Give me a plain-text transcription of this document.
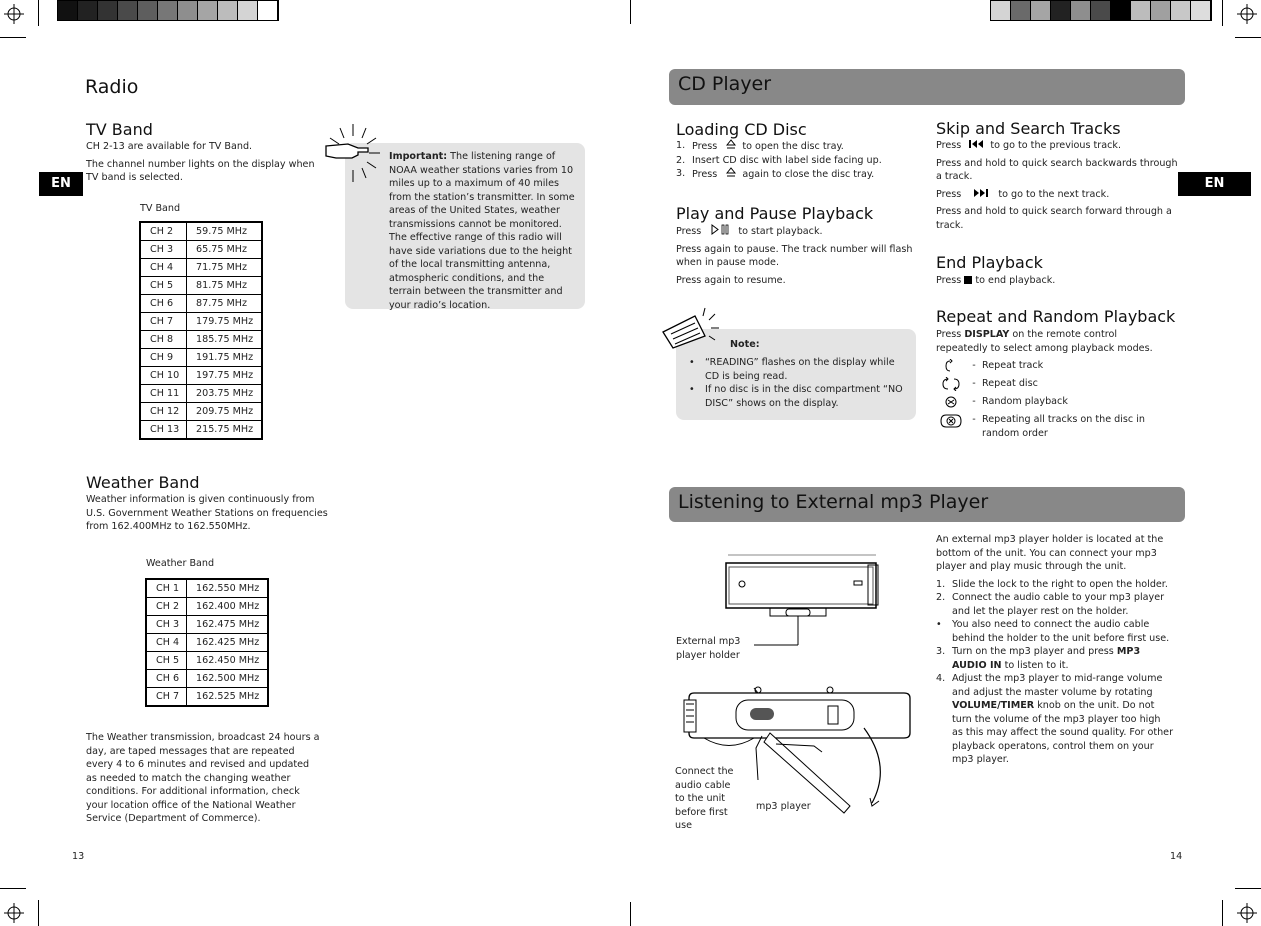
EN	EN
Radio
TV Band
CH 2-13 are available for TV Band.
The channel number lights on the display when TV band is selected.
TV Band
CH 2	59.75 MHz
CH 3	65.75 MHz
CH 4	71.75 MHz
CH 5	81.75 MHz
CH 6	87.75 MHz
CH 7	179.75 MHz
CH 8	185.75 MHz
CH 9	191.75 MHz
CH 10	197.75 MHz
CH 11	203.75 MHz
CH 12	209.75 MHz
CH 13	215.75 MHz
Important: The listening range of NOAA weather stations varies from 10 miles up to a maximum of 40 miles from the station’s transmitter. In some areas of the United States, weather transmissions cannot be monitored. The effective range of this radio will have side variations due to the height of the local transmitting antenna, atmospheric conditions, and the terrain between the transmitter and your radio’s location.
Weather Band
Weather information is given continuously from U.S. Government Weather Stations on frequencies from 162.400MHz to 162.550MHz.
Weather Band
CH 1	162.550 MHz
CH 2	162.400 MHz
CH 3	162.475 MHz
CH 4	162.425 MHz
CH 5	162.450 MHz
CH 6	162.500 MHz
CH 7	162.525 MHz
The Weather transmission, broadcast 24 hours a day, are taped messages that are repeated every 4 to 6 minutes and revised and updated as needed to match the changing weather conditions. For additional information, check your location office of the National Weather Service (Department of Commerce).
13
CD Player
Loading CD Disc
1. Press	to open the disc tray.
2. Insert CD disc with label side facing up.
3. Press	again to close the disc tray.
Play and Pause Playback
Press	to start playback.
Press again to pause. The track number will flash when in pause mode.
Press again to resume.
Note:
• “READING” flashes on the display while CD is being read.
• If no disc is in the disc compartment “NO DISC” shows on the display.
Skip and Search Tracks
Press	to go to the previous track.
Press and hold to quick search backwards through a track.
Press	to go to the next track.
Press and hold to quick search forward through a track.
End Playback
Press to end playback.
Repeat and Random Playback
Press DISPLAY on the remote control repeatedly to select among playback modes.
- Repeat track
- Repeat disc
- Random playback
- Repeating all tracks on the disc in random order
Listening to External mp3 Player
External mp3 player holder
Connect the audio cable to the unit before first use
mp3 player
An external mp3 player holder is located at the bottom of the unit. You can connect your mp3 player and play music through the unit.
1. Slide the lock to the right to open the holder.
2. Connect the audio cable to your mp3 player and let the player rest on the holder.
• You also need to connect the audio cable behind the holder to the unit before first use.
3. Turn on the mp3 player and press MP3 AUDIO IN to listen to it.
4. Adjust the mp3 player to mid-range volume and adjust the master volume by rotating VOLUME/TIMER knob on the unit. Do not turn the volume of the mp3 player too high as this may affect the sound quality. For other playback operatons, control them on your mp3 player.
14
